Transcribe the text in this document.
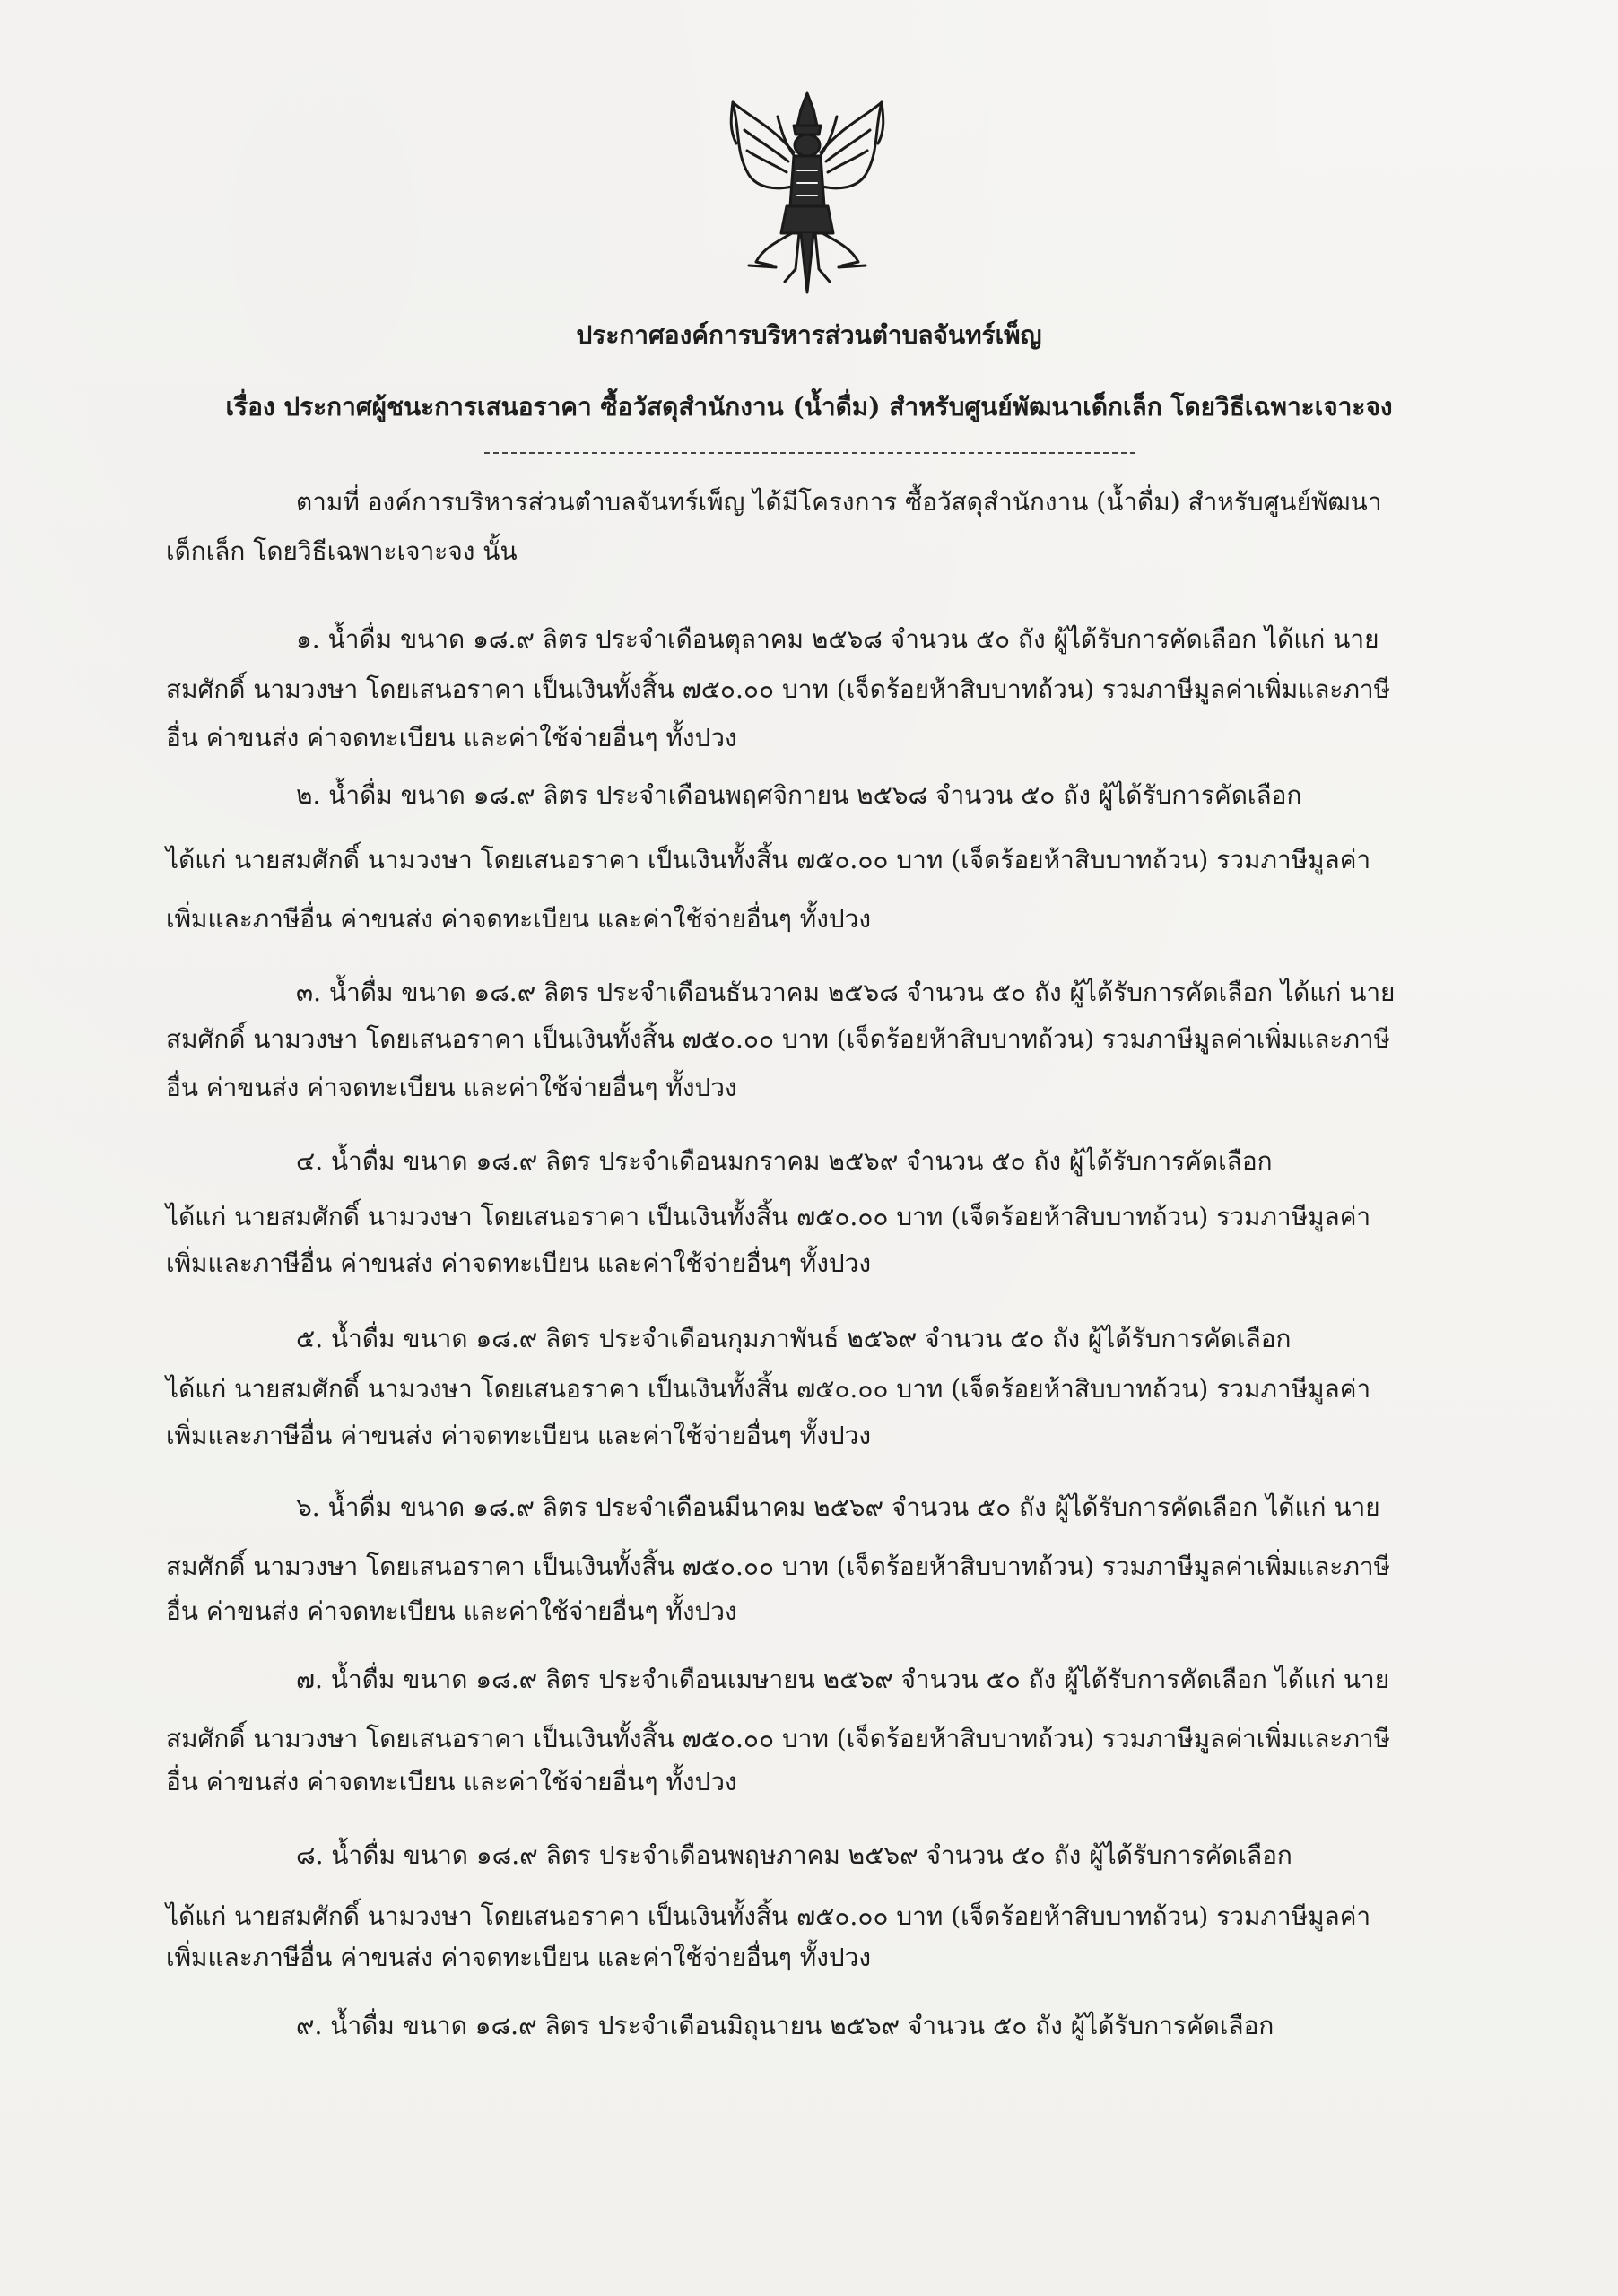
ประกาศองค์การบริหารส่วนตำบลจันทร์เพ็ญ
เรื่อง ประกาศผู้ชนะการเสนอราคา ซื้อวัสดุสำนักงาน (น้ำดื่ม) สำหรับศูนย์พัฒนาเด็กเล็ก โดยวิธีเฉพาะเจาะจง
ตามที่ องค์การบริหารส่วนตำบลจันทร์เพ็ญ ได้มีโครงการ ซื้อวัสดุสำนักงาน (น้ำดื่ม) สำหรับศูนย์พัฒนา
เด็กเล็ก โดยวิธีเฉพาะเจาะจง นั้น
๑. น้ำดื่ม ขนาด ๑๘.๙ ลิตร ประจำเดือนตุลาคม ๒๕๖๘ จำนวน ๕๐ ถัง ผู้ได้รับการคัดเลือก ได้แก่ นาย
สมศักดิ์ นามวงษา โดยเสนอราคา เป็นเงินทั้งสิ้น ๗๕๐.๐๐ บาท (เจ็ดร้อยห้าสิบบาทถ้วน) รวมภาษีมูลค่าเพิ่มและภาษี
อื่น ค่าขนส่ง ค่าจดทะเบียน และค่าใช้จ่ายอื่นๆ ทั้งปวง
๒. น้ำดื่ม ขนาด ๑๘.๙ ลิตร ประจำเดือนพฤศจิกายน ๒๕๖๘ จำนวน ๕๐ ถัง ผู้ได้รับการคัดเลือก
ได้แก่ นายสมศักดิ์ นามวงษา โดยเสนอราคา เป็นเงินทั้งสิ้น ๗๕๐.๐๐ บาท (เจ็ดร้อยห้าสิบบาทถ้วน) รวมภาษีมูลค่า
เพิ่มและภาษีอื่น ค่าขนส่ง ค่าจดทะเบียน และค่าใช้จ่ายอื่นๆ ทั้งปวง
๓. น้ำดื่ม ขนาด ๑๘.๙ ลิตร ประจำเดือนธันวาคม ๒๕๖๘ จำนวน ๕๐ ถัง ผู้ได้รับการคัดเลือก ได้แก่ นาย
สมศักดิ์ นามวงษา โดยเสนอราคา เป็นเงินทั้งสิ้น ๗๕๐.๐๐ บาท (เจ็ดร้อยห้าสิบบาทถ้วน) รวมภาษีมูลค่าเพิ่มและภาษี
อื่น ค่าขนส่ง ค่าจดทะเบียน และค่าใช้จ่ายอื่นๆ ทั้งปวง
๔. น้ำดื่ม ขนาด ๑๘.๙ ลิตร ประจำเดือนมกราคม ๒๕๖๙ จำนวน ๕๐ ถัง ผู้ได้รับการคัดเลือก
ได้แก่ นายสมศักดิ์ นามวงษา โดยเสนอราคา เป็นเงินทั้งสิ้น ๗๕๐.๐๐ บาท (เจ็ดร้อยห้าสิบบาทถ้วน) รวมภาษีมูลค่า
เพิ่มและภาษีอื่น ค่าขนส่ง ค่าจดทะเบียน และค่าใช้จ่ายอื่นๆ ทั้งปวง
๕. น้ำดื่ม ขนาด ๑๘.๙ ลิตร ประจำเดือนกุมภาพันธ์ ๒๕๖๙ จำนวน ๕๐ ถัง ผู้ได้รับการคัดเลือก
ได้แก่ นายสมศักดิ์ นามวงษา โดยเสนอราคา เป็นเงินทั้งสิ้น ๗๕๐.๐๐ บาท (เจ็ดร้อยห้าสิบบาทถ้วน) รวมภาษีมูลค่า
เพิ่มและภาษีอื่น ค่าขนส่ง ค่าจดทะเบียน และค่าใช้จ่ายอื่นๆ ทั้งปวง
๖. น้ำดื่ม ขนาด ๑๘.๙ ลิตร ประจำเดือนมีนาคม ๒๕๖๙ จำนวน ๕๐ ถัง ผู้ได้รับการคัดเลือก ได้แก่ นาย
สมศักดิ์ นามวงษา โดยเสนอราคา เป็นเงินทั้งสิ้น ๗๕๐.๐๐ บาท (เจ็ดร้อยห้าสิบบาทถ้วน) รวมภาษีมูลค่าเพิ่มและภาษี
อื่น ค่าขนส่ง ค่าจดทะเบียน และค่าใช้จ่ายอื่นๆ ทั้งปวง
๗. น้ำดื่ม ขนาด ๑๘.๙ ลิตร ประจำเดือนเมษายน ๒๕๖๙ จำนวน ๕๐ ถัง ผู้ได้รับการคัดเลือก ได้แก่ นาย
สมศักดิ์ นามวงษา โดยเสนอราคา เป็นเงินทั้งสิ้น ๗๕๐.๐๐ บาท (เจ็ดร้อยห้าสิบบาทถ้วน) รวมภาษีมูลค่าเพิ่มและภาษี
อื่น ค่าขนส่ง ค่าจดทะเบียน และค่าใช้จ่ายอื่นๆ ทั้งปวง
๘. น้ำดื่ม ขนาด ๑๘.๙ ลิตร ประจำเดือนพฤษภาคม ๒๕๖๙ จำนวน ๕๐ ถัง ผู้ได้รับการคัดเลือก
ได้แก่ นายสมศักดิ์ นามวงษา โดยเสนอราคา เป็นเงินทั้งสิ้น ๗๕๐.๐๐ บาท (เจ็ดร้อยห้าสิบบาทถ้วน) รวมภาษีมูลค่า
เพิ่มและภาษีอื่น ค่าขนส่ง ค่าจดทะเบียน และค่าใช้จ่ายอื่นๆ ทั้งปวง
๙. น้ำดื่ม ขนาด ๑๘.๙ ลิตร ประจำเดือนมิถุนายน ๒๕๖๙ จำนวน ๕๐ ถัง ผู้ได้รับการคัดเลือก
